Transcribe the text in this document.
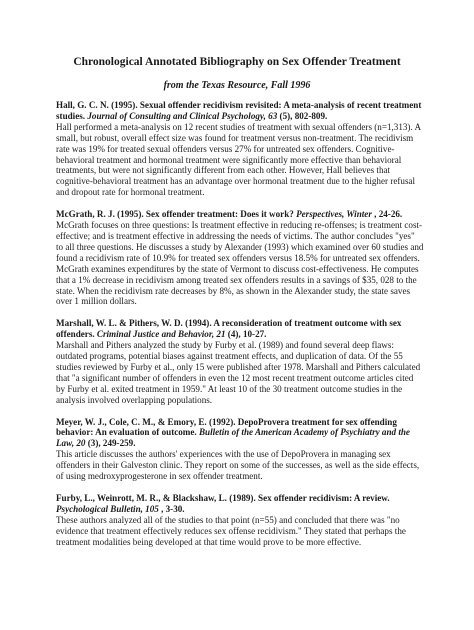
Chronological Annotated Bibliography on Sex Offender Treatment
from the Texas Resource, Fall 1996
Hall, G. C. N. (1995). Sexual offender recidivism revisited: A meta-analysis of recent treatment studies. Journal of Consulting and Clinical Psychology, 63 (5), 802-809.
Hall performed a meta-analysis on 12 recent studies of treatment with sexual offenders (n=1,313). A small, but robust, overall effect size was found for treatment versus non-treatment. The recidivism rate was 19% for treated sexual offenders versus 27% for untreated sex offenders. Cognitive-behavioral treatment and hormonal treatment were significantly more effective than behavioral treatments, but were not significantly different from each other. However, Hall believes that cognitive-behavioral treatment has an advantage over hormonal treatment due to the higher refusal and dropout rate for hormonal treatment.
McGrath, R. J. (1995). Sex offender treatment: Does it work? Perspectives, Winter , 24-26.
McGrath focuses on three questions: Is treatment effective in reducing re-offenses; is treatment cost-effective; and is treatment effective in addressing the needs of victims. The author concludes "yes" to all three questions. He discusses a study by Alexander (1993) which examined over 60 studies and found a recidivism rate of 10.9% for treated sex offenders versus 18.5% for untreated sex offenders. McGrath examines expenditures by the state of Vermont to discuss cost-effectiveness. He computes that a 1% decrease in recidivism among treated sex offenders results in a savings of $35, 028 to the state. When the recidivism rate decreases by 8%, as shown in the Alexander study, the state saves over 1 million dollars.
Marshall, W. L. & Pithers, W. D. (1994). A reconsideration of treatment outcome with sex offenders. Criminal Justice and Behavior, 21 (4), 10-27.
Marshall and Pithers analyzed the study by Furby et al. (1989) and found several deep flaws: outdated programs, potential biases against treatment effects, and duplication of data. Of the 55 studies reviewed by Furby et al., only 15 were published after 1978. Marshall and Pithers calculated that "a significant number of offenders in even the 12 most recent treatment outcome articles cited by Furby et al. exited treatment in 1959." At least 10 of the 30 treatment outcome studies in the analysis involved overlapping populations.
Meyer, W. J., Cole, C. M., & Emory, E. (1992). DepoProvera treatment for sex offending behavior: An evaluation of outcome. Bulletin of the American Academy of Psychiatry and the Law, 20 (3), 249-259.
This article discusses the authors' experiences with the use of DepoProvera in managing sex offenders in their Galveston clinic. They report on some of the successes, as well as the side effects, of using medroxyprogesterone in sex offender treatment.
Furby, L., Weinrott, M. R., & Blackshaw, L. (1989). Sex offender recidivism: A review. Psychological Bulletin, 105 , 3-30.
These authors analyzed all of the studies to that point (n=55) and concluded that there was "no evidence that treatment effectively reduces sex offense recidivism." They stated that perhaps the treatment modalities being developed at that time would prove to be more effective.
